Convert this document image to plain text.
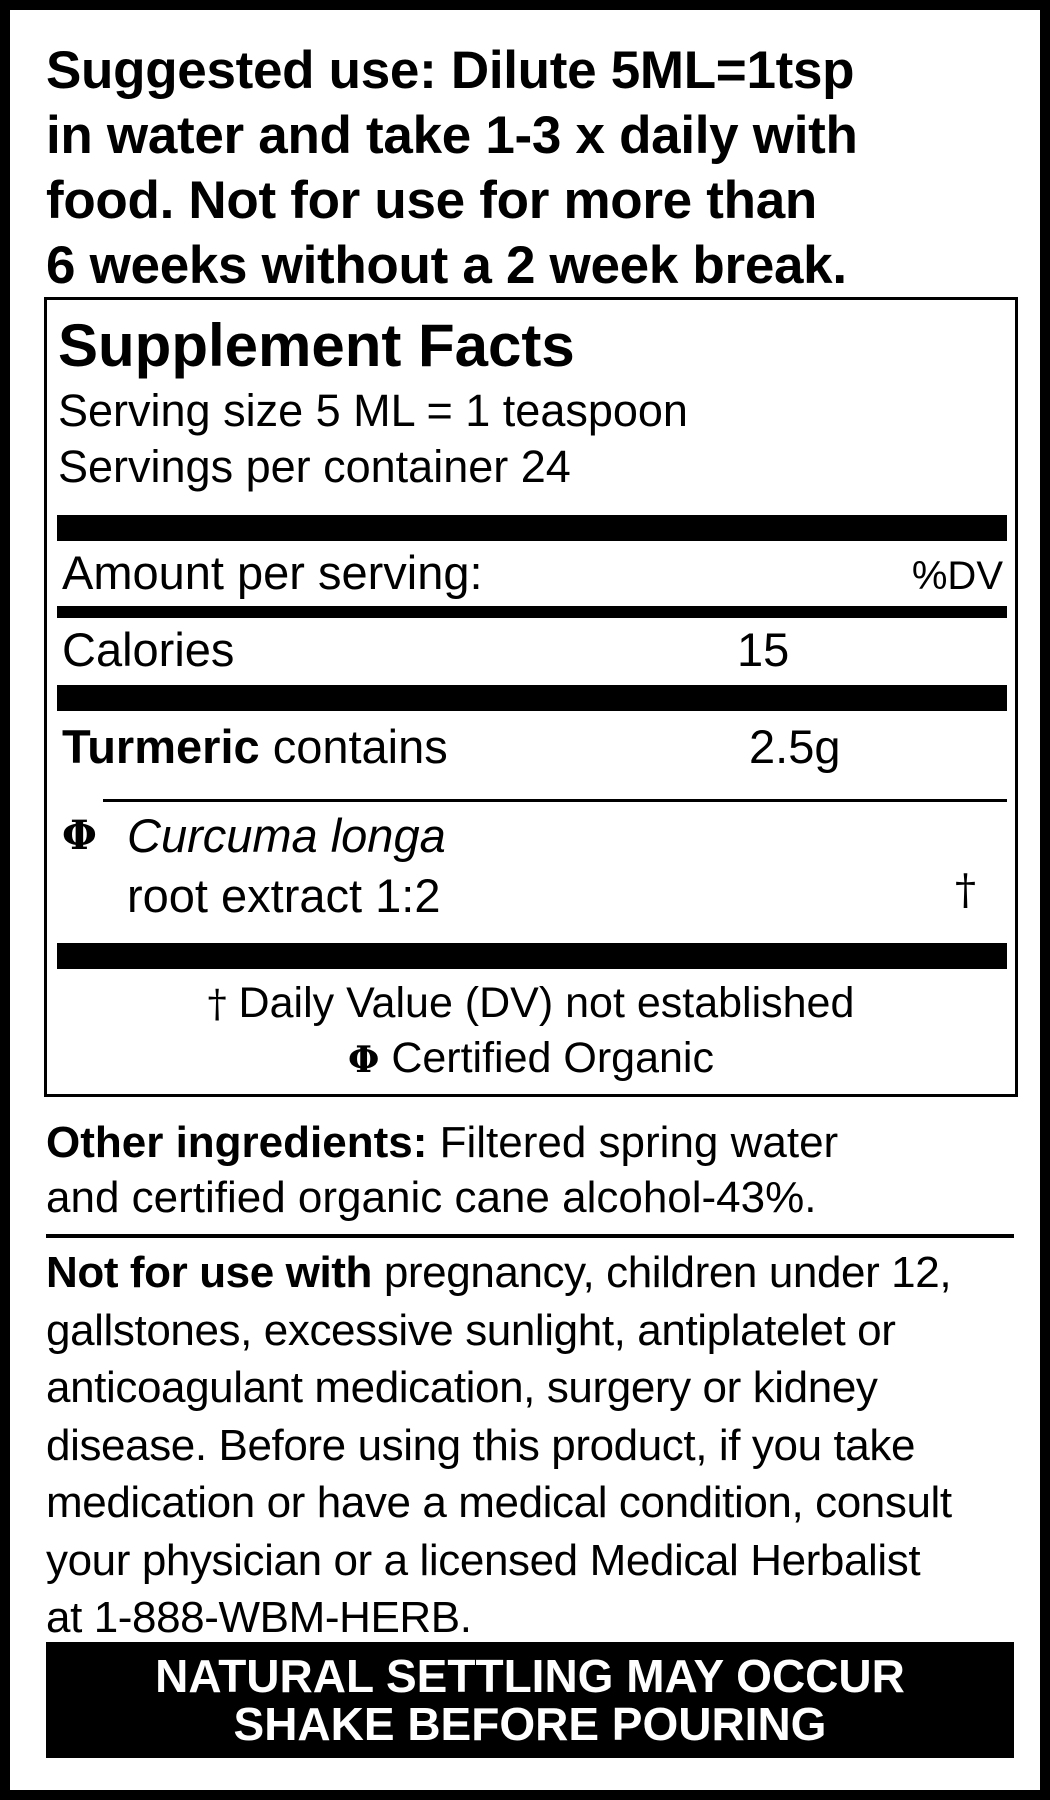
Suggested use: Dilute 5ML=1tsp
in water and take 1-3 x daily with
food. Not for use for more than
6 weeks without a 2 week break.

Supplement Facts

Serving size 5 ML = 1 teaspoon

Servings per container 24

Amount per serving:	%DV

Calories	15

Turmeric contains	2.5g

Φ Curcuma longa

root extract 1:2	†

† Daily Value (DV) not established

Φ Certified Organic

Other ingredients: Filtered spring water
and certified organic cane alcohol-43%.

Not for use with pregnancy, children under 12,
gallstones, excessive sunlight, antiplatelet or
anticoagulant medication, surgery or kidney
disease. Before using this product, if you take
medication or have a medical condition, consult
your physician or a licensed Medical Herbalist
at 1-888-WBM-HERB.

NATURAL SETTLING MAY OCCUR

SHAKE BEFORE POURING
